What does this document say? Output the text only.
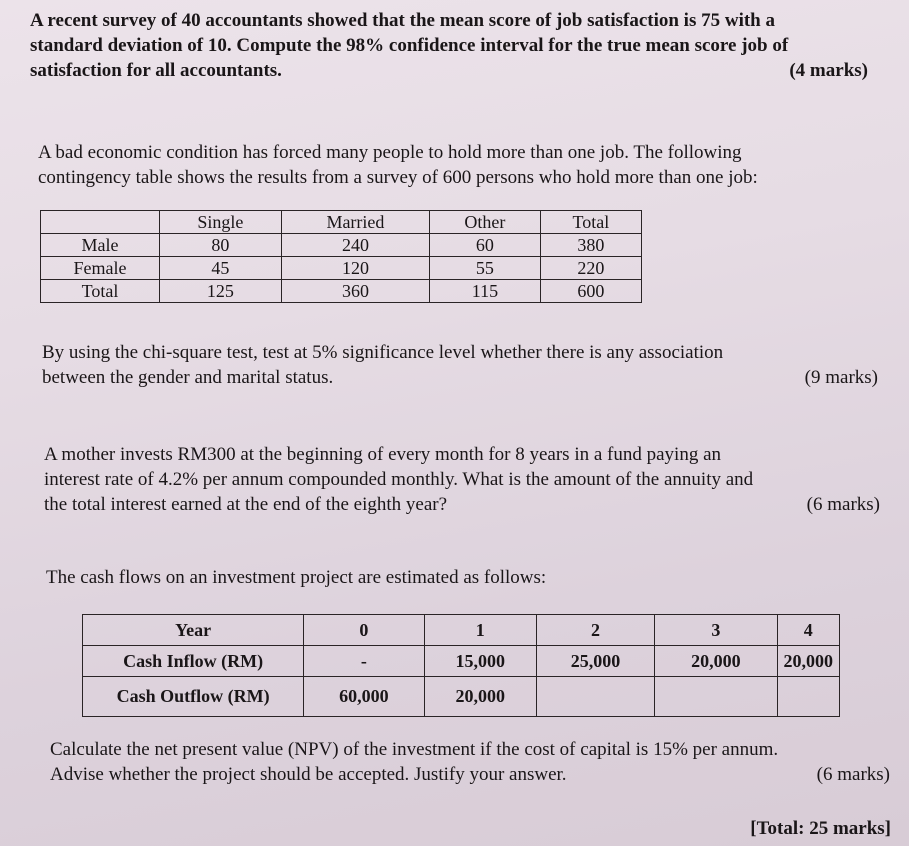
A recent survey of 40 accountants showed that the mean score of job satisfaction is 75 with a
standard deviation of 10. Compute the 98% confidence interval for the true mean score job of
satisfaction for all accountants.	(4 marks)
A bad economic condition has forced many people to hold more than one job. The following
contingency table shows the results from a survey of 600 persons who hold more than one job:
	Single	Married	Other	Total
Male	80	240	60	380
Female	45	120	55	220
Total	125	360	115	600
By using the chi-square test, test at 5% significance level whether there is any association
between the gender and marital status.	(9 marks)
A mother invests RM300 at the beginning of every month for 8 years in a fund paying an
interest rate of 4.2% per annum compounded monthly. What is the amount of the annuity and
the total interest earned at the end of the eighth year?	(6 marks)
The cash flows on an investment project are estimated as follows:
Year	0	1	2	3	4
Cash Inflow (RM)	-	15,000	25,000	20,000	20,000
Cash Outflow (RM)	60,000	20,000			
Calculate the net present value (NPV) of the investment if the cost of capital is 15% per annum.
Advise whether the project should be accepted. Justify your answer.	(6 marks)
[Total: 25 marks]
